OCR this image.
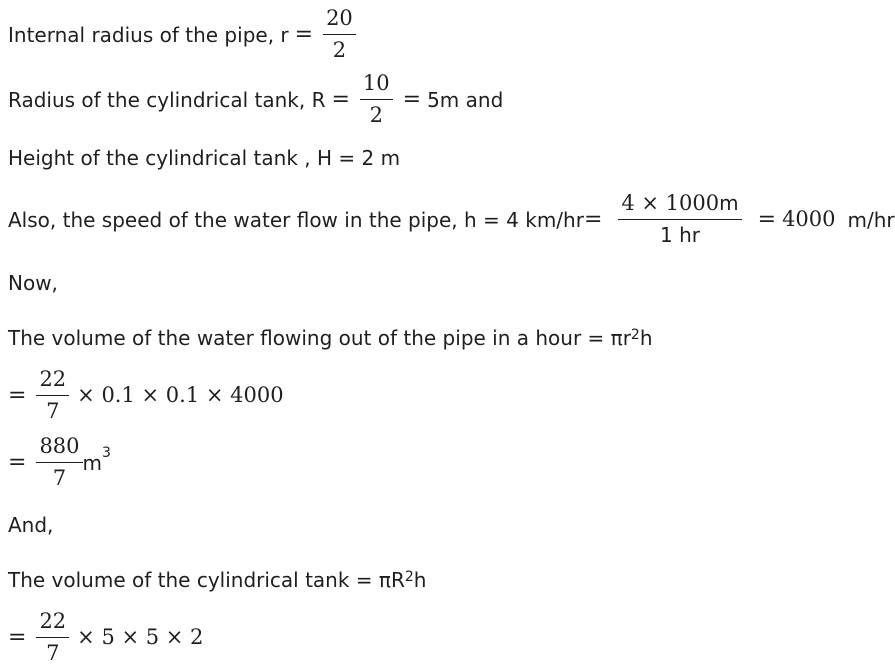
Internal radius of the pipe, $r = \frac{20}{2}$
Radius of the cylindrical tank, $R = \frac{10}{2} = 5m$ and
Height of the cylindrical tank , H = 2 m
Also, the speed of the water flow in the pipe, h = 4 $km/hr = \frac{4 \times 1000m}{1 hr} = 4000$ m/hr
Now,
The volume of the water flowing out of the pipe in a hour = $\pi r^2$ h
= $\frac{22}{7} \times 0.1 \times 0.1 \times 4000$
= $\frac{880}{7} m^3$
And,
The volume of the cylindrical $\tan k = \pi R^2$ h
= $\frac{22}{7} \times 5 \times 5 \times 2$
